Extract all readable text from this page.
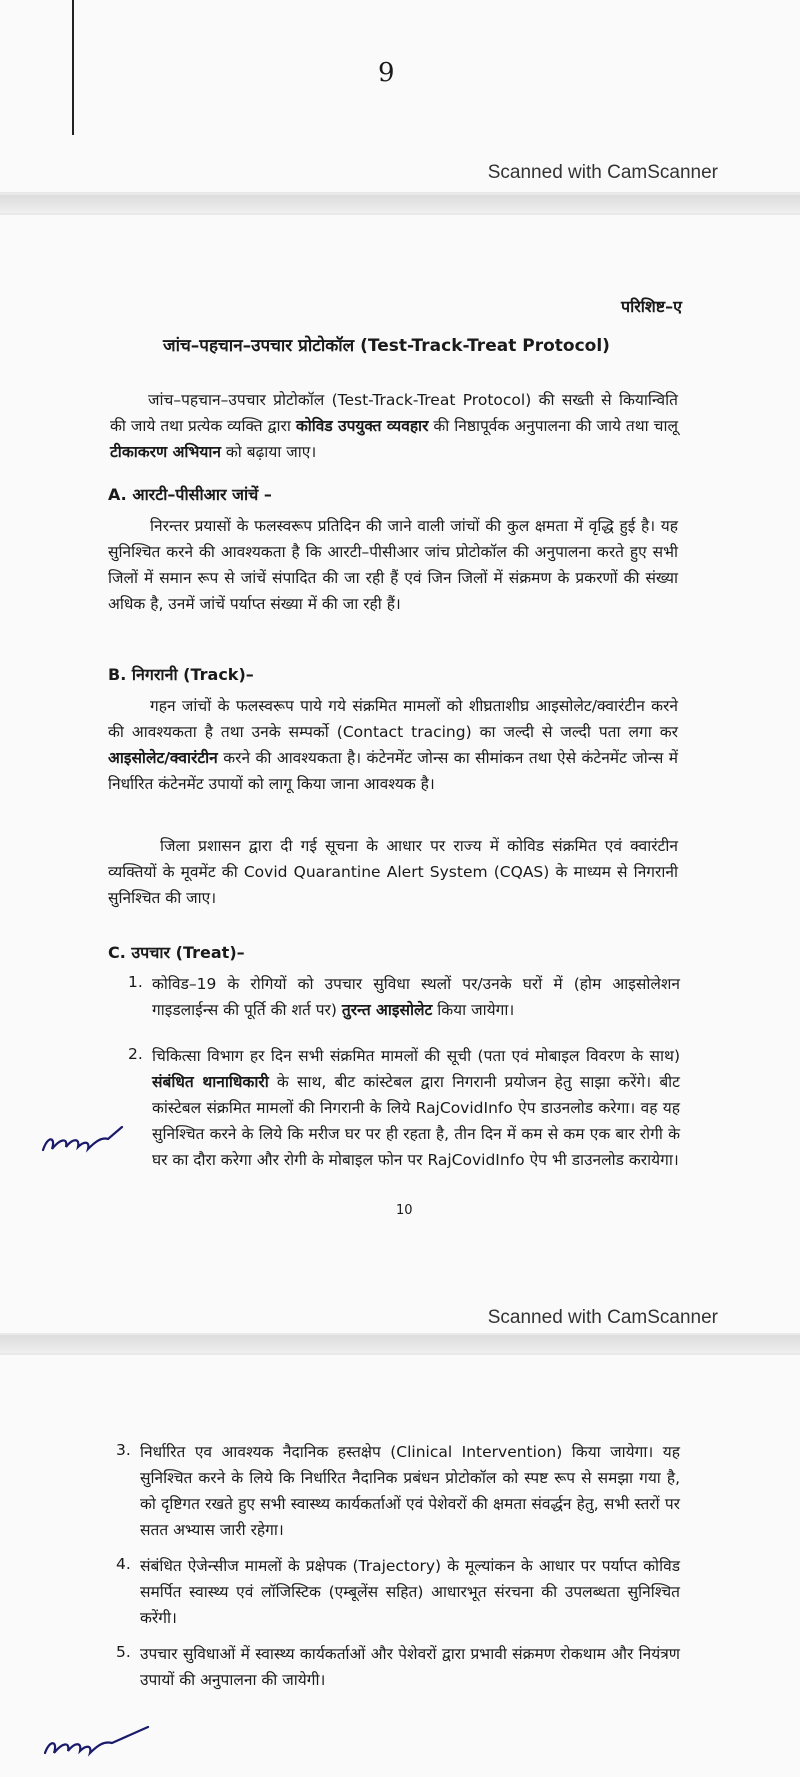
9
Scanned with CamScanner
परिशिष्ट–ए
जांच–पहचान–उपचार प्रोटोकॉल (Test-Track-Treat Protocol)
जांच–पहचान–उपचार प्रोटोकॉल (Test-Track-Treat Protocol) की सख्ती से कियान्विति की जाये तथा प्रत्येक व्यक्ति द्वारा कोविड उपयुक्त व्यवहार की निष्ठापूर्वक अनुपालना की जाये तथा चालू टीकाकरण अभियान को बढ़ाया जाए।
A. आरटी–पीसीआर जांचें –
निरन्तर प्रयासों के फलस्वरूप प्रतिदिन की जाने वाली जांचों की कुल क्षमता में वृद्धि हुई है। यह सुनिश्चित करने की आवश्यकता है कि आरटी–पीसीआर जांच प्रोटोकॉल की अनुपालना करते हुए सभी जिलों में समान रूप से जांचें संपादित की जा रही हैं एवं जिन जिलों में संक्रमण के प्रकरणों की संख्या अधिक है, उनमें जांचें पर्याप्त संख्या में की जा रही हैं।
B. निगरानी (Track)–
गहन जांचों के फलस्वरूप पाये गये संक्रमित मामलों को शीघ्रताशीघ्र आइसोलेट/क्वारंटीन करने की आवश्यकता है तथा उनके सम्पर्को (Contact tracing) का जल्दी से जल्दी पता लगा कर आइसोलेट/क्वारंटीन करने की आवश्यकता है। कंटेनमेंट जोन्स का सीमांकन तथा ऐसे कंटेनमेंट जोन्स में निर्धारित कंटेनमेंट उपायों को लागू किया जाना आवश्यक है।
जिला प्रशासन द्वारा दी गई सूचना के आधार पर राज्य में कोविड संक्रमित एवं क्वारंटीन व्यक्तियों के मूवमेंट की Covid Quarantine Alert System (CQAS) के माध्यम से निगरानी सुनिश्चित की जाए।
C. उपचार (Treat)–
1. कोविड–19 के रोगियों को उपचार सुविधा स्थलों पर/उनके घरों में (होम आइसोलेशन गाइडलाईन्स की पूर्ति की शर्त पर) तुरन्त आइसोलेट किया जायेगा।
2. चिकित्सा विभाग हर दिन सभी संक्रमित मामलों की सूची (पता एवं मोबाइल विवरण के साथ) संबंधित थानाधिकारी के साथ, बीट कांस्टेबल द्वारा निगरानी प्रयोजन हेतु साझा करेंगे। बीट कांस्टेबल संक्रमित मामलों की निगरानी के लिये RajCovidInfo ऐप डाउनलोड करेगा। वह यह सुनिश्चित करने के लिये कि मरीज घर पर ही रहता है, तीन दिन में कम से कम एक बार रोगी के घर का दौरा करेगा और रोगी के मोबाइल फोन पर RajCovidInfo ऐप भी डाउनलोड करायेगा।
10
Scanned with CamScanner
3. निर्धारित एव आवश्यक नैदानिक हस्तक्षेप (Clinical Intervention) किया जायेगा। यह सुनिश्चित करने के लिये कि निर्धारित नैदानिक प्रबंधन प्रोटोकॉल को स्पष्ट रूप से समझा गया है, को दृष्टिगत रखते हुए सभी स्वास्थ्य कार्यकर्ताओं एवं पेशेवरों की क्षमता संवर्द्धन हेतु, सभी स्तरों पर सतत अभ्यास जारी रहेगा।
4. संबंधित ऐजेन्सीज मामलों के प्रक्षेपक (Trajectory) के मूल्यांकन के आधार पर पर्याप्त कोविड समर्पित स्वास्थ्य एवं लॉजिस्टिक (एम्बूलेंस सहित) आधारभूत संरचना की उपलब्धता सुनिश्चित करेंगी।
5. उपचार सुविधाओं में स्वास्थ्य कार्यकर्ताओं और पेशेवरों द्वारा प्रभावी संक्रमण रोकथाम और नियंत्रण उपायों की अनुपालना की जायेगी।
